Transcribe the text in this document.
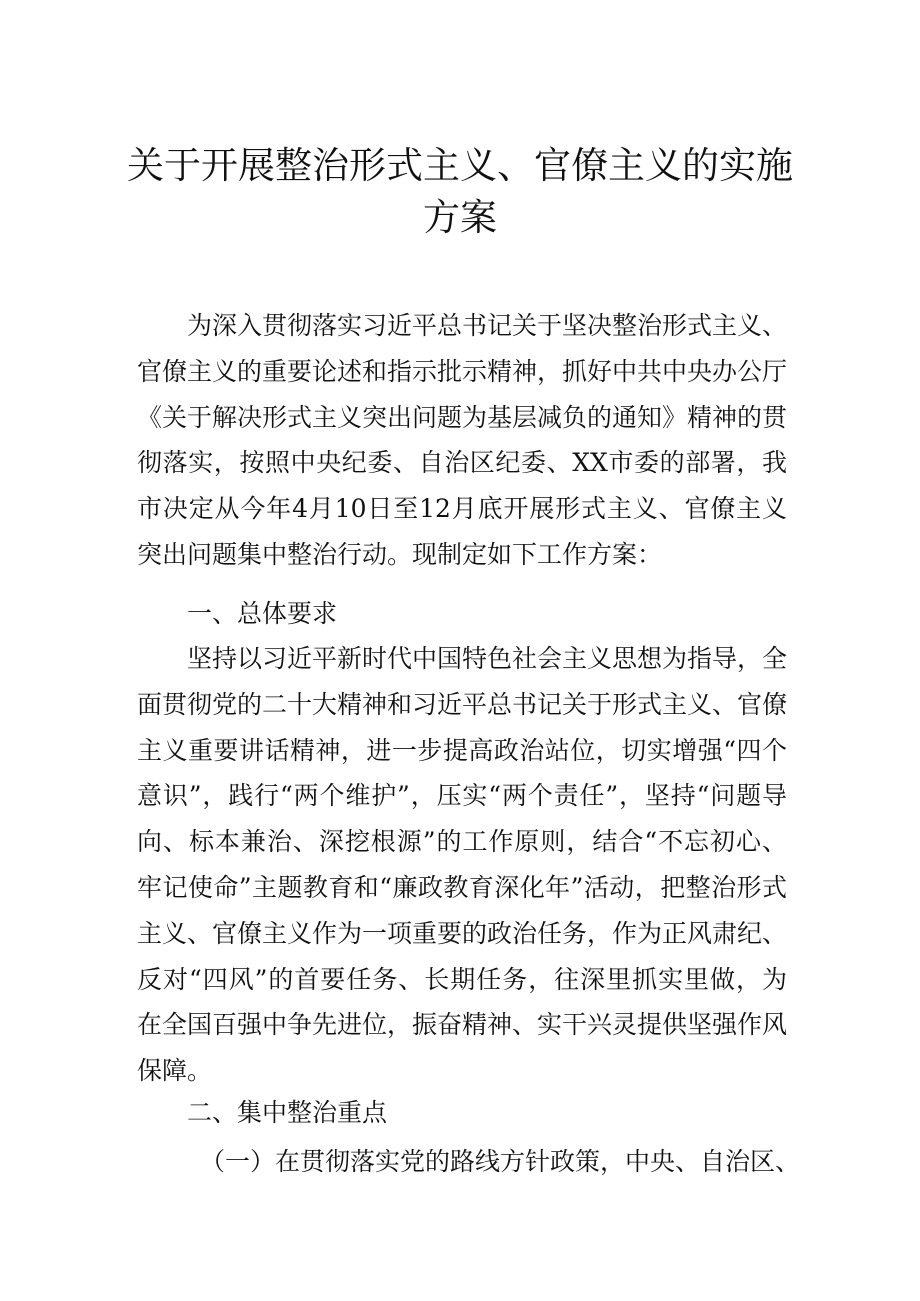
关于开展整治形式主义、官僚主义的实施
方案
为深入贯彻落实习近平总书记关于坚决整治形式主义、官僚主义的重要论述和指示批示精神，抓好中共中央办公厅《关于解决形式主义突出问题为基层减负的通知》精神的贯彻落实，按照中央纪委、自治区纪委、XX市委的部署，我市决定从今年4月10日至12月底开展形式主义、官僚主义突出问题集中整治行动。现制定如下工作方案：
一、总体要求
坚持以习近平新时代中国特色社会主义思想为指导，全面贯彻党的二十大精神和习近平总书记关于形式主义、官僚主义重要讲话精神，进一步提高政治站位，切实增强“四个意识”，践行“两个维护”，压实“两个责任”，坚持“问题导向、标本兼治、深挖根源”的工作原则，结合“不忘初心、牢记使命”主题教育和“廉政教育深化年”活动，把整治形式主义、官僚主义作为一项重要的政治任务，作为正风肃纪、反对“四风”的首要任务、长期任务，往深里抓实里做，为在全国百强中争先进位，振奋精神、实干兴灵提供坚强作风保障。
二、集中整治重点
（一）在贯彻落实党的路线方针政策，中央、自治区、
